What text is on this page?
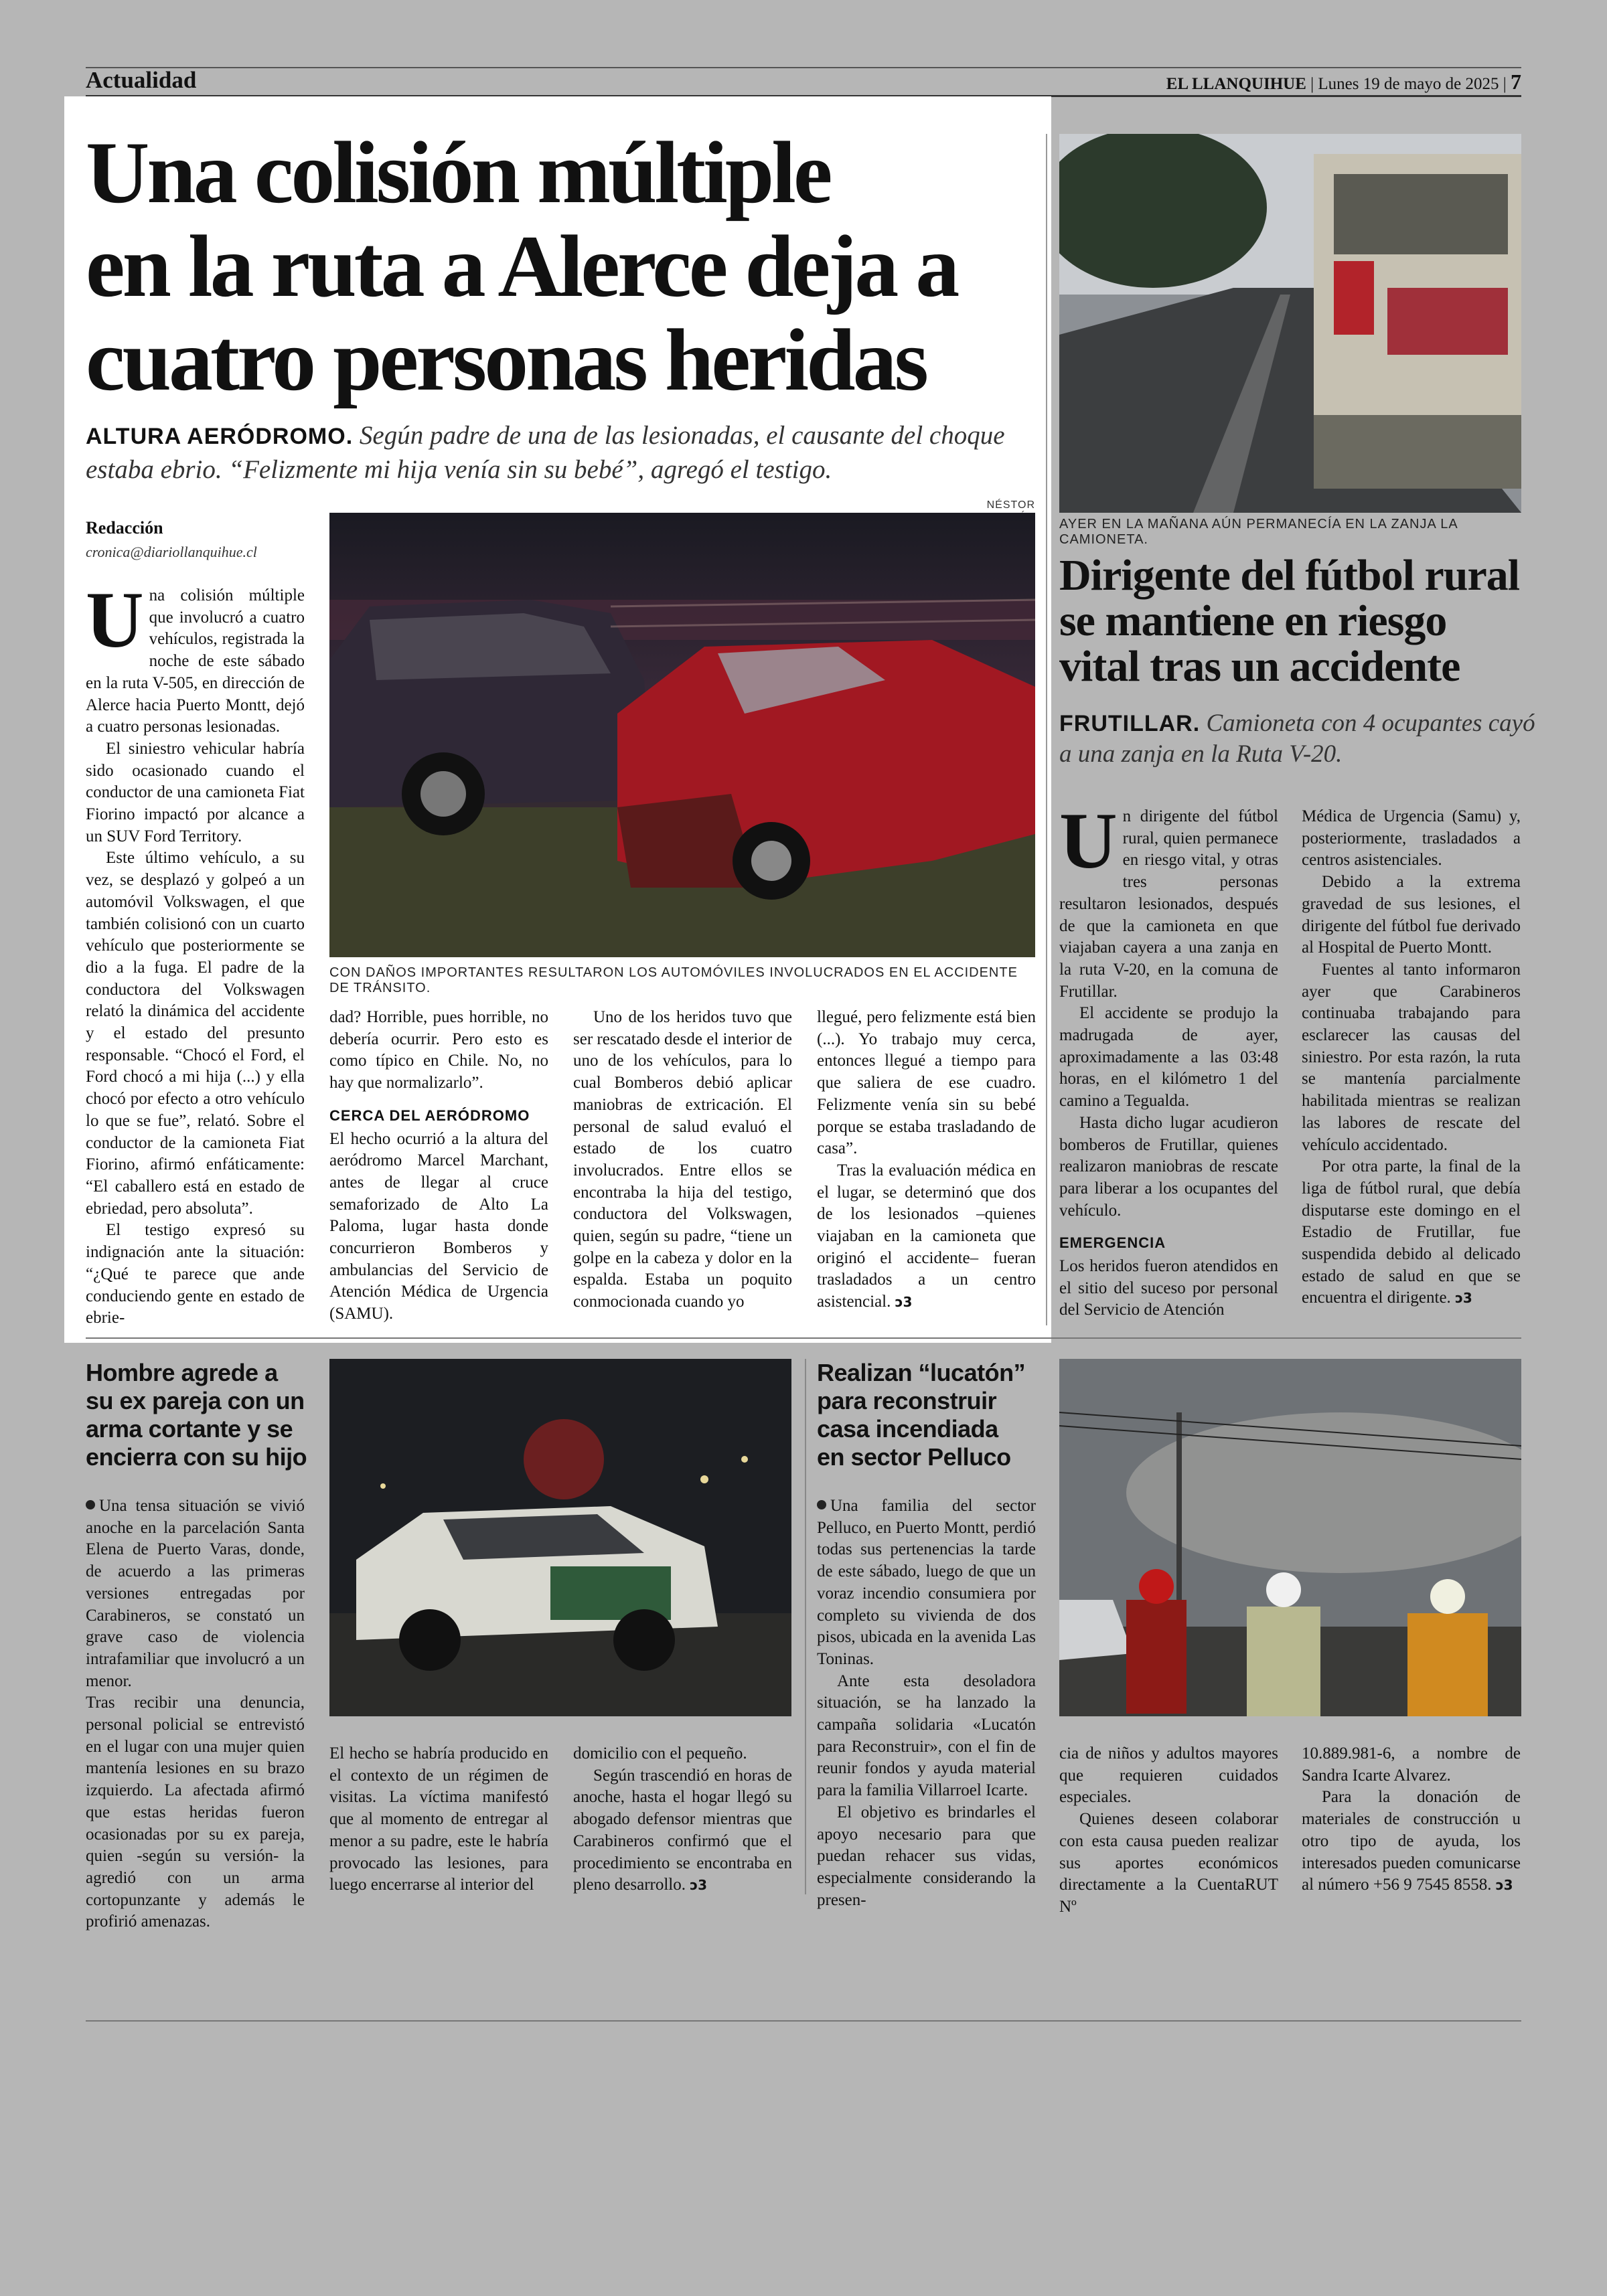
Actualidad	EL LLANQUIHUE | Lunes 19 de mayo de 2025 | 7
Una colisión múltiple
en la ruta a Alerce deja a
cuatro personas heridas
ALTURA AERÓDROMO. Según padre de una de las lesionadas, el causante del choque estaba ebrio. “Felizmente mi hija venía sin su bebé”, agregó el testigo.
Redacción
cronica@diariollanquihue.cl
NÉSTOR
CON DAÑOS IMPORTANTES RESULTARON LOS AUTOMÓVILES INVOLUCRADOS EN EL ACCIDENTE DE TRÁNSITO.

Una colisión múltiple que involucró a cuatro vehículos, registrada la noche de este sábado en la ruta V-505, en dirección de Alerce hacia Puerto Montt, dejó a cuatro personas lesionadas.

El siniestro vehicular habría sido ocasionado cuando el conductor de una camioneta Fiat Fiorino impactó por alcance a un SUV Ford Territory.

Este último vehículo, a su vez, se desplazó y golpeó a un automóvil Volkswagen, el que también colisionó con un cuarto vehículo que posteriormente se dio a la fuga. El padre de la conductora del Volkswagen relató la dinámica del accidente y el estado del presunto responsable. “Chocó el Ford, el Ford chocó a mi hija (...) y ella chocó por efecto a otro vehículo lo que se fue”, relató. Sobre el conductor de la camioneta Fiat Fiorino, afirmó enfáticamente: “El caballero está en estado de ebriedad, pero absoluta”.

El testigo expresó su indignación ante la situación: “¿Qué te parece que ande conduciendo gente en estado de ebrie-

dad? Horrible, pues horrible, no debería ocurrir. Pero esto es como típico en Chile. No, no hay que normalizarlo”.

CERCA DEL AERÓDROMO

El hecho ocurrió a la altura del aeródromo Marcel Marchant, antes de llegar al cruce semaforizado de Alto La Paloma, lugar hasta donde concurrieron Bomberos y ambulancias del Servicio de Atención Médica de Urgencia (SAMU).

Uno de los heridos tuvo que ser rescatado desde el interior de uno de los vehículos, para lo cual Bomberos debió aplicar maniobras de extricación. El personal de salud evaluó el estado de los cuatro involucrados. Entre ellos se encontraba la hija del testigo, conductora del Volkswagen, quien, según su padre, “tiene un golpe en la cabeza y dolor en la espalda. Estaba un poquito conmocionada cuando yo

llegué, pero felizmente está bien (...). Yo trabajo muy cerca, entonces llegué a tiempo para que saliera de ese cuadro. Felizmente venía sin su bebé porque se estaba trasladando de casa”.

Tras la evaluación médica en el lugar, se determinó que dos de los lesionados –quienes viajaban en la camioneta que originó el accidente– fueran trasladados a un centro asistencial. ↄ3

AYER EN LA MAÑANA AÚN PERMANECÍA EN LA ZANJA LA CAMIONETA.
Dirigente del fútbol rural
se mantiene en riesgo
vital tras un accidente
FRUTILLAR. Camioneta con 4 ocupantes cayó a una zanja en la Ruta V-20.

Un dirigente del fútbol rural, quien permanece en riesgo vital, y otras tres personas resultaron lesionados, después de que la camioneta en que viajaban cayera a una zanja en la ruta V-20, en la comuna de Frutillar.

El accidente se produjo la madrugada de ayer, aproximadamente a las 03:48 horas, en el kilómetro 1 del camino a Tegualda.

Hasta dicho lugar acudieron bomberos de Frutillar, quienes realizaron maniobras de rescate para liberar a los ocupantes del vehículo.

EMERGENCIA

Los heridos fueron atendidos en el sitio del suceso por personal del Servicio de Atención

Médica de Urgencia (Samu) y, posteriormente, trasladados a centros asistenciales.

Debido a la extrema gravedad de sus lesiones, el dirigente del fútbol fue derivado al Hospital de Puerto Montt.

Fuentes al tanto informaron ayer que Carabineros continuaba trabajando para esclarecer las causas del siniestro. Por esta razón, la ruta se mantenía parcialmente habilitada mientras se realizan las labores de rescate del vehículo accidentado.

Por otra parte, la final de la liga de fútbol rural, que debía disputarse este domingo en el Estadio de Frutillar, fue suspendida debido al delicado estado de salud en que se encuentra el dirigente. ↄ3

Hombre agrede a
su ex pareja con un
arma cortante y se
encierra con su hijo

Una tensa situación se vivió anoche en la parcelación Santa Elena de Puerto Varas, donde, de acuerdo a las primeras versiones entregadas por Carabineros, se constató un grave caso de violencia intrafamiliar que involucró a un menor.

Tras recibir una denuncia, personal policial se entrevistó en el lugar con una mujer quien mantenía lesiones en su brazo izquierdo. La afectada afirmó que estas heridas fueron ocasionadas por su ex pareja, quien -según su versión- la agredió con un arma cortopunzante y además le profirió amenazas.

El hecho se habría producido en el contexto de un régimen de visitas. La víctima manifestó que al momento de entregar al menor a su padre, este le habría provocado las lesiones, para luego encerrarse al interior del

domicilio con el pequeño.

Según trascendió en horas de anoche, hasta el hogar llegó su abogado defensor mientras que Carabineros confirmó que el procedimiento se encontraba en pleno desarrollo. ↄ3

Realizan “lucatón”
para reconstruir
casa incendiada
en sector Pelluco

Una familia del sector Pelluco, en Puerto Montt, perdió todas sus pertenencias la tarde de este sábado, luego de que un voraz incendio consumiera por completo su vivienda de dos pisos, ubicada en la avenida Las Toninas.

Ante esta desoladora situación, se ha lanzado la campaña solidaria «Lucatón para Reconstruir», con el fin de reunir fondos y ayuda material para la familia Villarroel Icarte.

El objetivo es brindarles el apoyo necesario para que puedan rehacer sus vidas, especialmente considerando la presen-

cia de niños y adultos mayores que requieren cuidados especiales.

Quienes deseen colaborar con esta causa pueden realizar sus aportes económicos directamente a la CuentaRUT Nº

10.889.981-6, a nombre de Sandra Icarte Alvarez.

Para la donación de materiales de construcción u otro tipo de ayuda, los interesados pueden comunicarse al número +56 9 7545 8558. ↄ3
